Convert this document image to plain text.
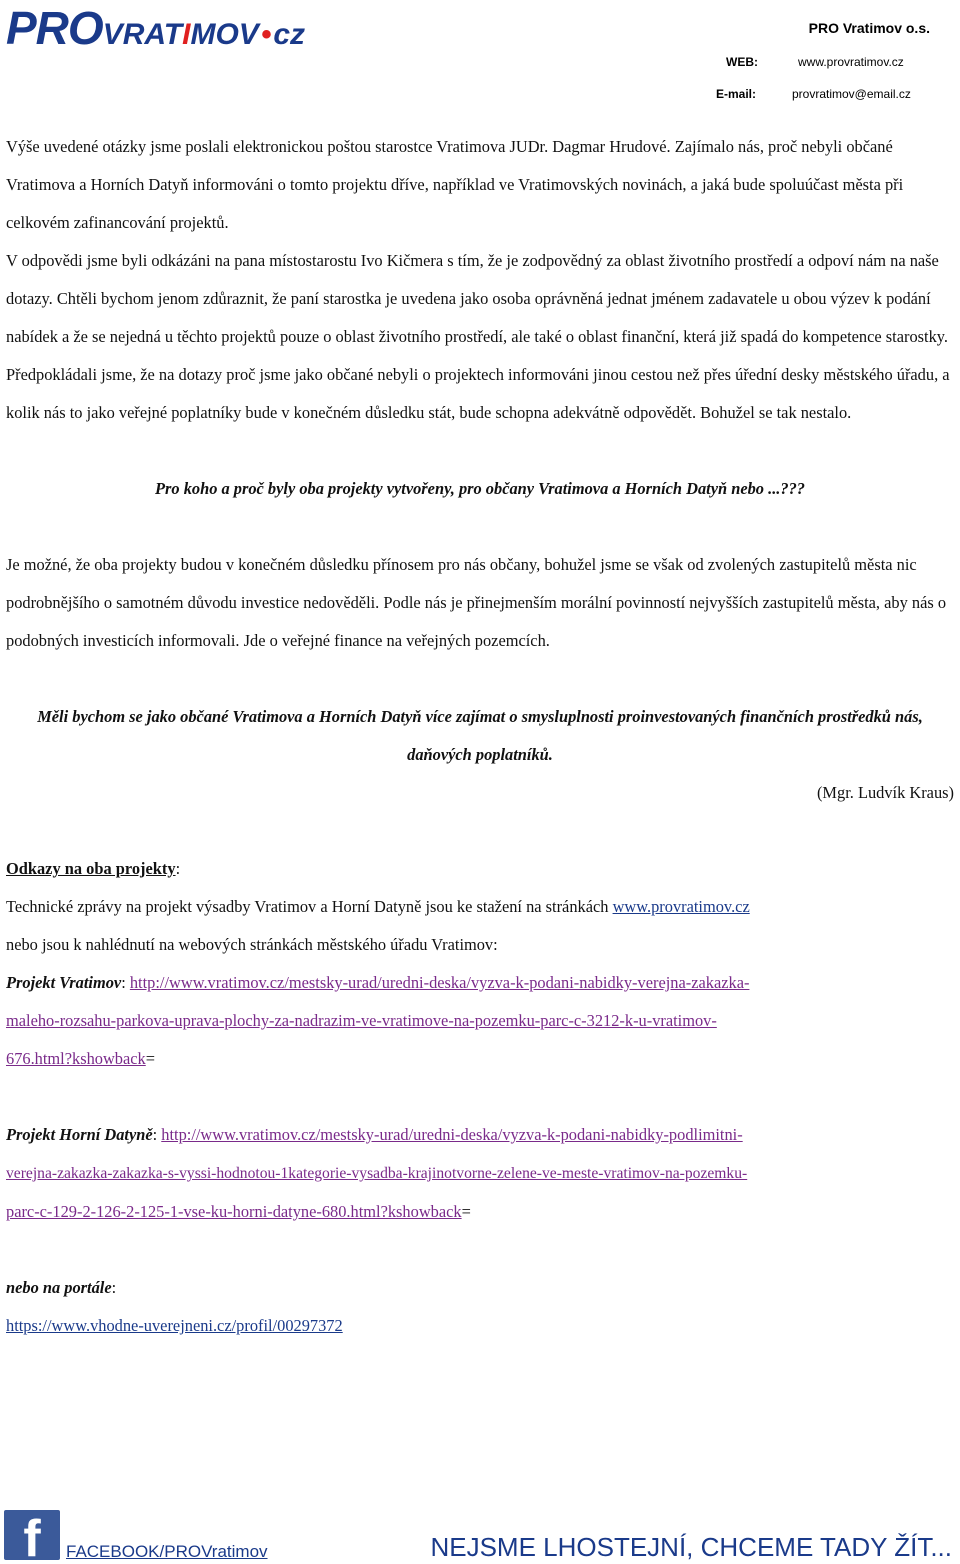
PROVRATIMOV•cz	PRO Vratimov o.s.
WEB:	www.provratimov.cz
E-mail:	provratimov@email.cz

Výše uvedené otázky jsme poslali elektronickou poštou starostce Vratimova JUDr. Dagmar Hrudové. Zajímalo nás, proč nebyli občané Vratimova a Horních Datyň informováni o tomto projektu dříve, například ve Vratimovských novinách, a jaká bude spoluúčast města při celkovém zafinancování projektů.

V odpovědi jsme byli odkázáni na pana místostarostu Ivo Kičmera s tím, že je zodpovědný za oblast životního prostředí a odpoví nám na naše dotazy. Chtěli bychom jenom zdůraznit, že paní starostka je uvedena jako osoba oprávněná jednat jménem zadavatele u obou výzev k podání nabídek a že se nejedná u těchto projektů pouze o oblast životního prostředí, ale také o oblast finanční, která již spadá do kompetence starostky. Předpokládali jsme, že na dotazy proč jsme jako občané nebyli o projektech informováni jinou cestou než přes úřední desky městského úřadu, a kolik nás to jako veřejné poplatníky bude v konečném důsledku stát, bude schopna adekvátně odpovědět. Bohužel se tak nestalo.

Pro koho a proč byly oba projekty vytvořeny, pro občany Vratimova a Horních Datyň nebo ...???

Je možné, že oba projekty budou v konečném důsledku přínosem pro nás občany, bohužel jsme se však od zvolených zastupitelů města nic podrobnějšího o samotném důvodu investice nedověděli. Podle nás je přinejmenším morální povinností nejvyšších zastupitelů města, aby nás o podobných investicích informovali. Jde o veřejné finance na veřejných pozemcích.

Měli bychom se jako občané Vratimova a Horních Datyň více zajímat o smysluplnosti proinvestovaných finančních prostředků nás, daňových poplatníků.

(Mgr. Ludvík Kraus)

Odkazy na oba projekty:

Technické zprávy na projekt výsadby Vratimov a Horní Datyně jsou ke stažení na stránkách www.provratimov.cz

nebo jsou k nahlédnutí na webových stránkách městského úřadu Vratimov:

Projekt Vratimov: http://www.vratimov.cz/mestsky-urad/uredni-deska/vyzva-k-podani-nabidky-verejna-zakazka-

maleho-rozsahu-parkova-uprava-plochy-za-nadrazim-ve-vratimove-na-pozemku-parc-c-3212-k-u-vratimov-

676.html?kshowback=

Projekt Horní Datyně: http://www.vratimov.cz/mestsky-urad/uredni-deska/vyzva-k-podani-nabidky-podlimitni-

verejna-zakazka-zakazka-s-vyssi-hodnotou-1kategorie-vysadba-krajinotvorne-zelene-ve-meste-vratimov-na-pozemku-

parc-c-129-2-126-2-125-1-vse-ku-horni-datyne-680.html?kshowback=

nebo na portále:

https://www.vhodne-uverejneni.cz/profil/00297372

f	FACEBOOK/PROVratimov	NEJSME LHOSTEJNÍ, CHCEME TADY ŽÍT...
